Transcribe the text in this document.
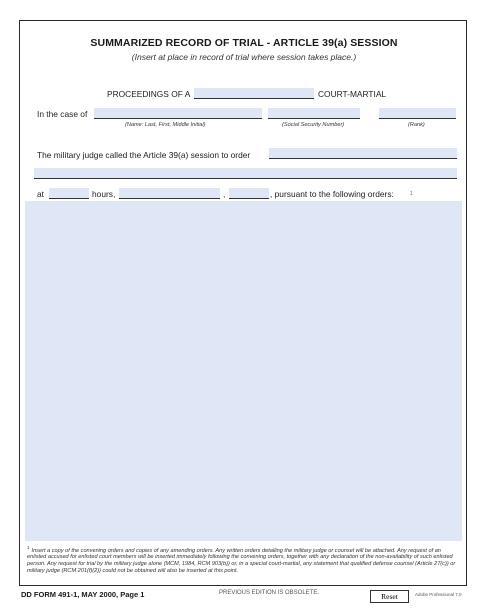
SUMMARIZED RECORD OF TRIAL - ARTICLE 39(a) SESSION
(Insert at place in record of trial where session takes place.)
PROCEEDINGS OF A	COURT-MARTIAL
In the case of
(Name: Last, First, Middle Initial)	(Social Security Number)	(Rank)
The military judge called the Article 39(a) session to order
at	hours,	,	, pursuant to the following orders:	1
$^1$Insert a copy of the convening orders and copies of any amending orders. Any written orders detailing the military judge or counsel will be attached. Any request of an enlisted accused for enlisted court members will be inserted immediately following the convening orders, together with any declaration of the non-availability of such enlisted person. Any request for trial by the military judge alone (MCM, 1984, RCM 903(b)) or, in a special court-martial, any statement that qualified defense counsel (Article 27(c)) or military judge (RCM 201(f)(2)) could not be obtained will also be inserted at this point.
DD FORM 491-1, MAY 2000, Page 1	PREVIOUS EDITION IS OBSOLETE.	Reset	Adobe Professional 7.0
